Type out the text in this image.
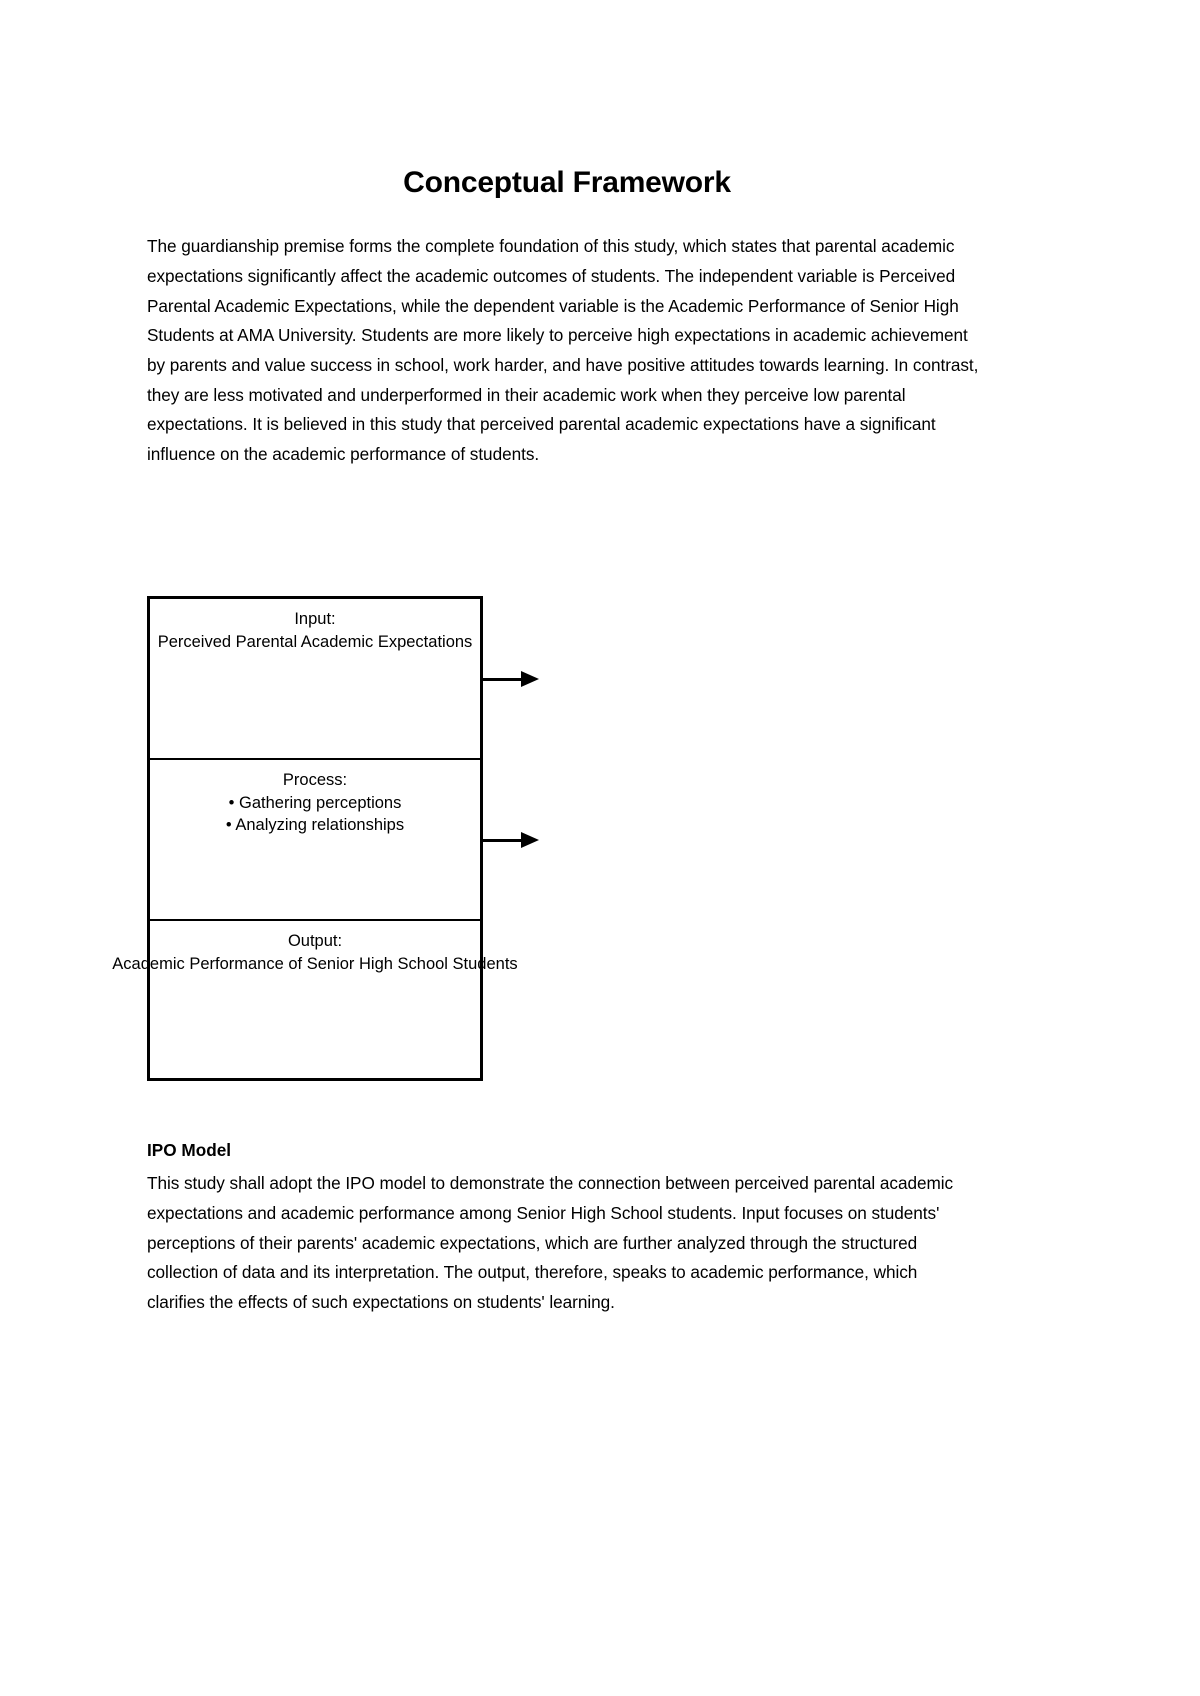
Conceptual Framework

The guardianship premise forms the complete foundation of this study, which states that parental academic expectations significantly affect the academic outcomes of students. The independent variable is Perceived Parental Academic Expectations, while the dependent variable is the Academic Performance of Senior High Students at AMA University. Students are more likely to perceive high expectations in academic achievement by parents and value success in school, work harder, and have positive attitudes towards learning. In contrast, they are less motivated and underperformed in their academic work when they perceive low parental expectations. It is believed in this study that perceived parental academic expectations have a significant influence on the academic performance of students.

Input:
Perceived Parental Academic Expectations
Process:
• Gathering perceptions
• Analyzing relationships
Output:
Academic Performance of Senior High School Students
IPO Model

This study shall adopt the IPO model to demonstrate the connection between perceived parental academic expectations and academic performance among Senior High School students. Input focuses on students' perceptions of their parents' academic expectations, which are further analyzed through the structured collection of data and its interpretation. The output, therefore, speaks to academic performance, which clarifies the effects of such expectations on students' learning.
